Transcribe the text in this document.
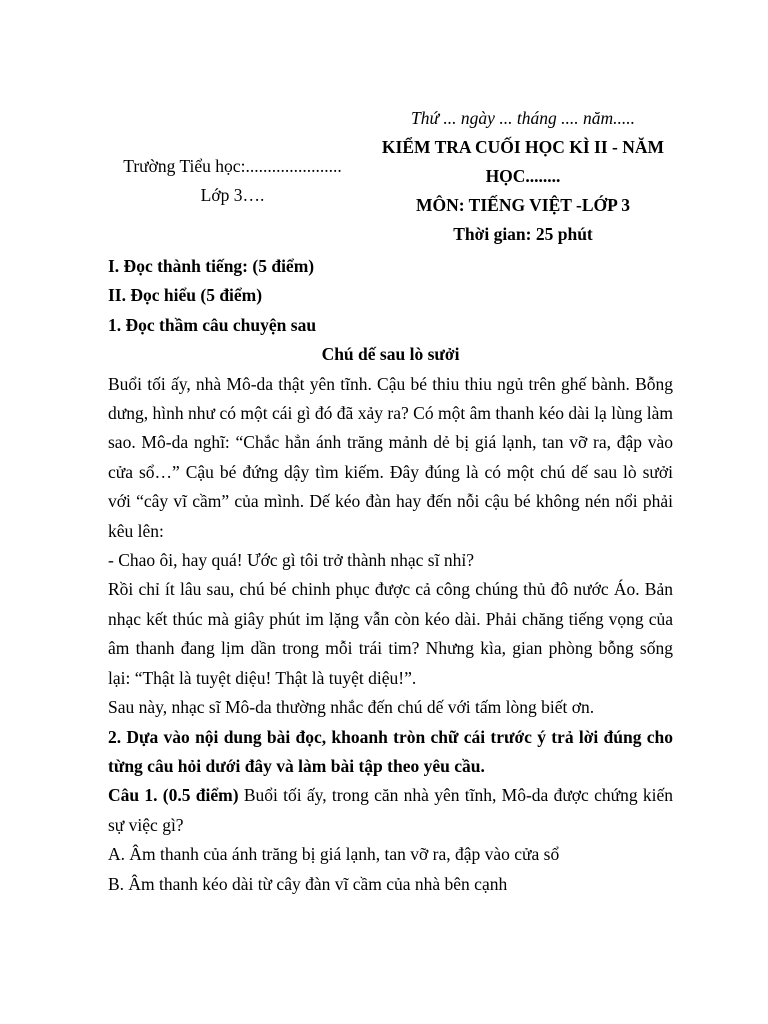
Trường Tiểu học:......................
Lớp 3….
Thứ ... ngày ... tháng .... năm.....
KIỂM TRA CUỐI HỌC KÌ II - NĂM HỌC........
MÔN: TIẾNG VIỆT -LỚP 3
Thời gian: 25 phút

I. Đọc thành tiếng: (5 điểm)

II. Đọc hiểu (5 điểm)

1. Đọc thầm câu chuyện sau

Chú dế sau lò sưởi

Buổi tối ấy, nhà Mô-da thật yên tĩnh. Cậu bé thiu thiu ngủ trên ghế bành. Bỗng dưng, hình như có một cái gì đó đã xảy ra? Có một âm thanh kéo dài lạ lùng làm sao. Mô-da nghĩ: “Chắc hẳn ánh trăng mảnh dẻ bị giá lạnh, tan vỡ ra, đập vào cửa sổ…” Cậu bé đứng dậy tìm kiếm. Đây đúng là có một chú dế sau lò sưởi với “cây vĩ cầm” của mình. Dế kéo đàn hay đến nỗi cậu bé không nén nổi phải kêu lên:

- Chao ôi, hay quá! Ước gì tôi trở thành nhạc sĩ nhỉ?

Rồi chỉ ít lâu sau, chú bé chinh phục được cả công chúng thủ đô nước Áo. Bản nhạc kết thúc mà giây phút im lặng vẫn còn kéo dài. Phải chăng tiếng vọng của âm thanh đang lịm dần trong mỗi trái tim? Nhưng kìa, gian phòng bỗng sống lại: “Thật là tuyệt diệu! Thật là tuyệt diệu!”.

Sau này, nhạc sĩ Mô-da thường nhắc đến chú dế với tấm lòng biết ơn.

2. Dựa vào nội dung bài đọc, khoanh tròn chữ cái trước ý trả lời đúng cho từng câu hỏi dưới đây và làm bài tập theo yêu cầu.

Câu 1. (0.5 điểm) Buổi tối ấy, trong căn nhà yên tĩnh, Mô-da được chứng kiến sự việc gì?

A. Âm thanh của ánh trăng bị giá lạnh, tan vỡ ra, đập vào cửa sổ

B. Âm thanh kéo dài từ cây đàn vĩ cầm của nhà bên cạnh
